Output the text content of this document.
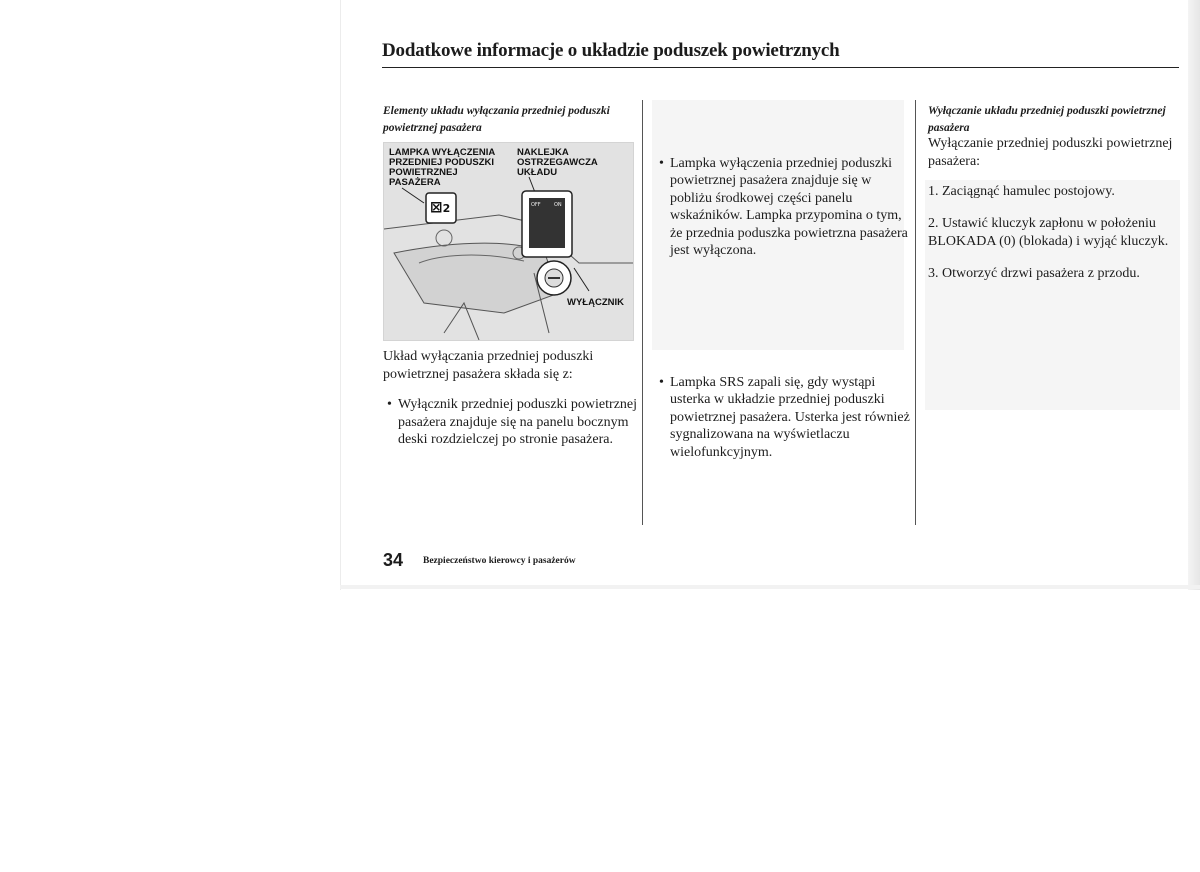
Dodatkowe informacje o układzie poduszek powietrznych
Elementy układu wyłączania przedniej poduszki powietrznej pasażera
LAMPKA WYŁĄCZENIA PRZEDNIEJ PODUSZKI POWIETRZNEJ PASAŻERA
NAKLEJKA OSTRZEGAWCZA UKŁADU
WYŁĄCZNIK
⊠2	OFF	ON
Układ wyłączania przedniej poduszki powietrznej pasażera składa się z:
• Wyłącznik przedniej poduszki powietrznej pasażera znajduje się na panelu bocznym deski rozdzielczej po stronie pasażera.
• Lampka wyłączenia przedniej poduszki powietrznej pasażera znajduje się w pobliżu środkowej części panelu wskaźników. Lampka przypomina o tym, że przednia poduszka powietrzna pasażera jest wyłączona.
• Lampka SRS zapali się, gdy wystąpi usterka w układzie przedniej poduszki powietrznej pasażera. Usterka jest również sygnalizowana na wyświetlaczu wielofunkcyjnym.
Wyłączanie układu przedniej poduszki powietrznej pasażera
Wyłączanie przedniej poduszki powietrznej pasażera:
1. Zaciągnąć hamulec postojowy.
2. Ustawić kluczyk zapłonu w położeniu BLOKADA (0) (blokada) i wyjąć kluczyk.
3. Otworzyć drzwi pasażera z przodu.
34 Bezpieczeństwo kierowcy i pasażerów
